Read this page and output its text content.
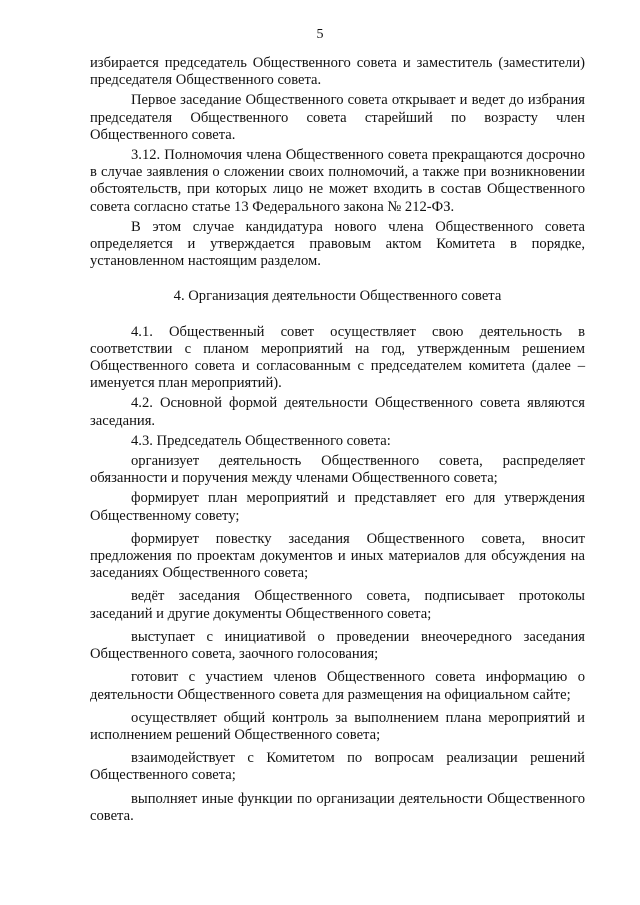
5

избирается председатель Общественного совета и заместитель (заместители) председателя Общественного совета.

Первое заседание Общественного совета открывает и ведет до избрания председателя Общественного совета старейший по возрасту член Общественного совета.

3.12. Полномочия члена Общественного совета прекращаются досрочно в случае заявления о сложении своих полномочий, а также при возникновении обстоятельств, при которых лицо не может входить в состав Общественного совета согласно статье 13 Федерального закона № 212-ФЗ.

В этом случае кандидатура нового члена Общественного совета определяется и утверждается правовым актом Комитета в порядке, установленном настоящим разделом.

4. Организация деятельности Общественного совета

4.1. Общественный совет осуществляет свою деятельность в соответствии с планом мероприятий на год, утвержденным решением Общественного совета и согласованным с председателем комитета (далее – именуется план мероприятий).

4.2. Основной формой деятельности Общественного совета являются заседания.

4.3. Председатель Общественного совета:

организует деятельность Общественного совета, распределяет обязанности и поручения между членами Общественного совета;

формирует план мероприятий и представляет его для утверждения Общественному совету;

формирует повестку заседания Общественного совета, вносит предложения по проектам документов и иных материалов для обсуждения на заседаниях Общественного совета;

ведёт заседания Общественного совета, подписывает протоколы заседаний и другие документы Общественного совета;

выступает с инициативой о проведении внеочередного заседания Общественного совета, заочного голосования;

готовит с участием членов Общественного совета информацию о деятельности Общественного совета для размещения на официальном сайте;

осуществляет общий контроль за выполнением плана мероприятий и исполнением решений Общественного совета;

взаимодействует с Комитетом по вопросам реализации решений Общественного совета;

выполняет иные функции по организации деятельности Общественного совета.
